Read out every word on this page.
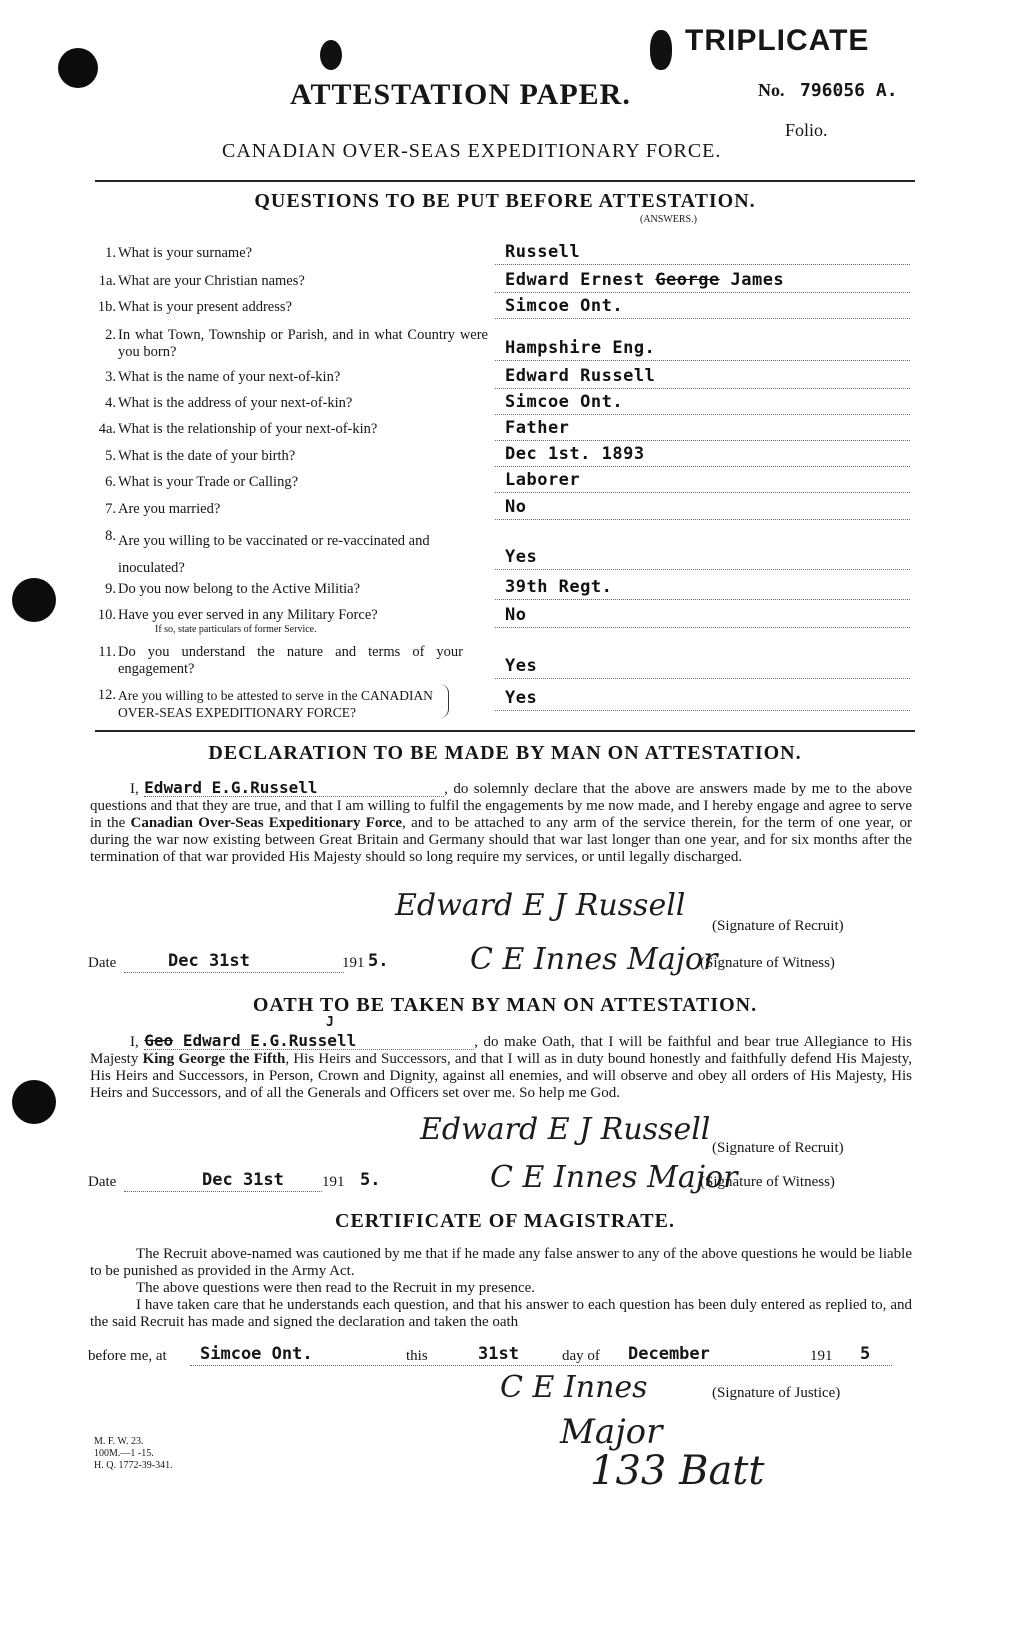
ATTESTATION PAPER.
TRIPLICATE
No. 796056 A.
Folio.
CANADIAN OVER-SEAS EXPEDITIONARY FORCE.
QUESTIONS TO BE PUT BEFORE ATTESTATION.
(ANSWERS.)
1. What is your surname?	Russell
1a. What are your Christian names?	Edward Ernest George James
1b. What is your present address?	Simcoe Ont.
2. In what Town, Township or Parish, and in what Country were you born?	Hampshire Eng.
3. What is the name of your next-of-kin?	Edward Russell
4. What is the address of your next-of-kin?	Simcoe Ont.
4a. What is the relationship of your next-of-kin?	Father
5. What is the date of your birth?	Dec 1st. 1893
6. What is your Trade or Calling?	Laborer
7. Are you married?	No
8. Are you willing to be vaccinated or re-vaccinated and inoculated?
Yes
9. Do you now belong to the Active Militia?	39th Regt.
10. Have you ever served in any Military Force?
If so, state particulars of former Service.
No
11. Do you understand the nature and terms of your engagement?	Yes
12. Are you willing to be attested to serve in the CANADIAN OVER-SEAS EXPEDITIONARY FORCE?
Yes
DECLARATION TO BE MADE BY MAN ON ATTESTATION.
I, Edward E.G.Russell	, do solemnly declare that the above are answers made by me to the above questions and that they are true, and that I am willing to fulfil the engagements by me now made, and I hereby engage and agree to serve in the Canadian Over-Seas Expeditionary Force, and to be attached to any arm of the service therein, for the term of one year, or during the war now existing between Great Britain and Germany should that war last longer than one year, and for six months after the termination of that war provided His Majesty should so long require my services, or until legally discharged.
Edward E J Russell
(Signature of Recruit)
Date	Dec 31st	191 5.	C E Innes Major
(Signature of Witness)
OATH TO BE TAKEN BY MAN ON ATTESTATION.
J
I, Geo Edward E.G.Russell	, do make Oath, that I will be faithful and bear true Allegiance to His Majesty King George the Fifth, His Heirs and Successors, and that I will as in duty bound honestly and faithfully defend His Majesty, His Heirs and Successors, in Person, Crown and Dignity, against all enemies, and will observe and obey all orders of His Majesty, His Heirs and Successors, and of all the Generals and Officers set over me. So help me God.
Edward E J Russell
(Signature of Recruit)
Date	Dec 31st	191 5.	C E Innes Major
(Signature of Witness)
CERTIFICATE OF MAGISTRATE.
The Recruit above-named was cautioned by me that if he made any false answer to any of the above questions he would be liable to be punished as provided in the Army Act.
The above questions were then read to the Recruit in my presence.
I have taken care that he understands each question, and that his answer to each question has been duly entered as replied to, and the said Recruit has made and signed the declaration and taken the oath
before me, at Simcoe Ont.	this	31st	day of December	191 5
C E Innes	(Signature of Justice)
Major
133 Batt
M. F. W. 23.
100M.—1 -15.
H. Q. 1772-39-341.
